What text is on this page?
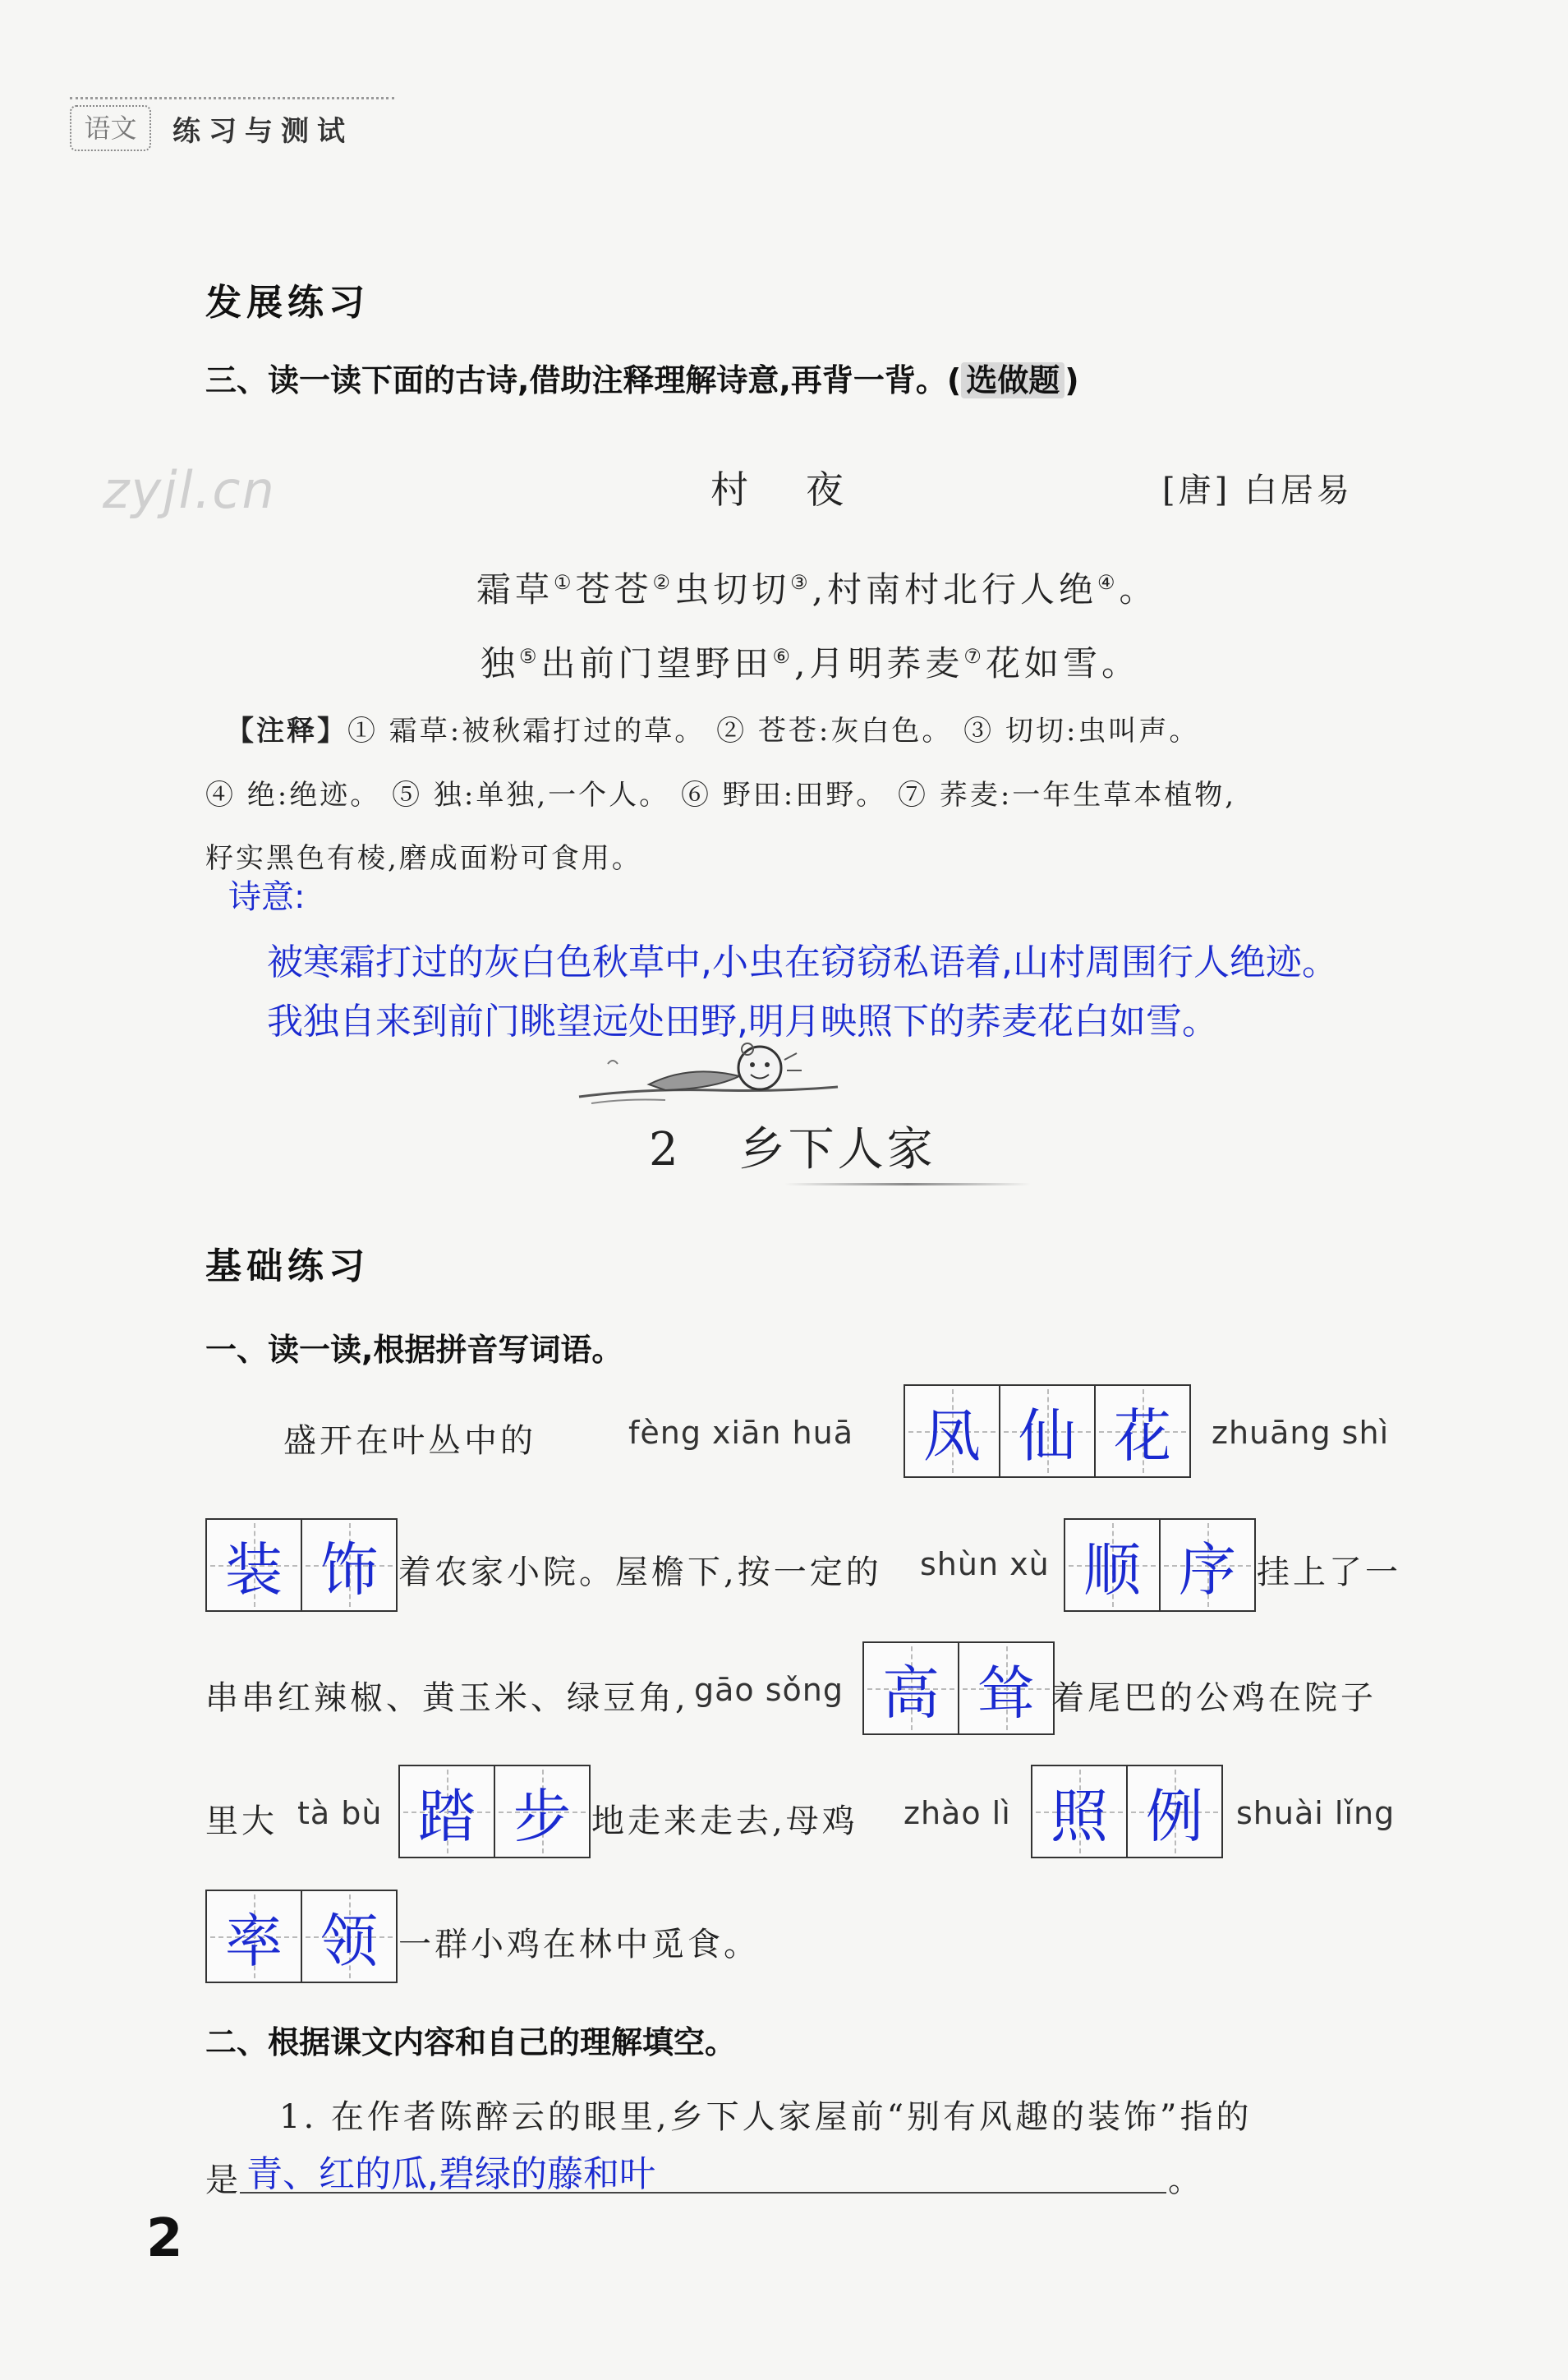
语文	练习与测试
发展练习
三、读一读下面的古诗,借助注释理解诗意,再背一背。( 选做题 )
zyjl.cn	村夜	[唐] 白居易
霜草①苍苍②虫切切③,村南村北行人绝④。
独⑤出前门望野田⑥,月明荞麦⑦花如雪。
【注释】① 霜草:被秋霜打过的草。 ② 苍苍:灰白色。 ③ 切切:虫叫声。
④ 绝:绝迹。 ⑤ 独:单独,一个人。 ⑥ 野田:田野。 ⑦ 荞麦:一年生草本植物,
籽实黑色有棱,磨成面粉可食用。
诗意:
被寒霜打过的灰白色秋草中,小虫在窃窃私语着,山村周围行人绝迹。
我独自来到前门眺望远处田野,明月映照下的荞麦花白如雪。
2 乡下人家
基础练习
一、读一读,根据拼音写词语。
盛开在叶丛中的	fèng xiān huā 凤 仙 花 zhuāng shì
装 饰 着农家小院。屋檐下,按一定的 shùn xù 顺 序 挂上了一
串串红辣椒、黄玉米、绿豆角, gāo sǒng 高 耸 着尾巴的公鸡在院子
里大 tà bù 踏 步 地走来走去,母鸡 zhào lì 照 例 shuài lǐng
率 领 一群小鸡在林中觅食。
二、根据课文内容和自己的理解填空。
1. 在作者陈醉云的眼里,乡下人家屋前“别有风趣的装饰”指的
是 青、红的瓜,碧绿的藤和叶	。
2
